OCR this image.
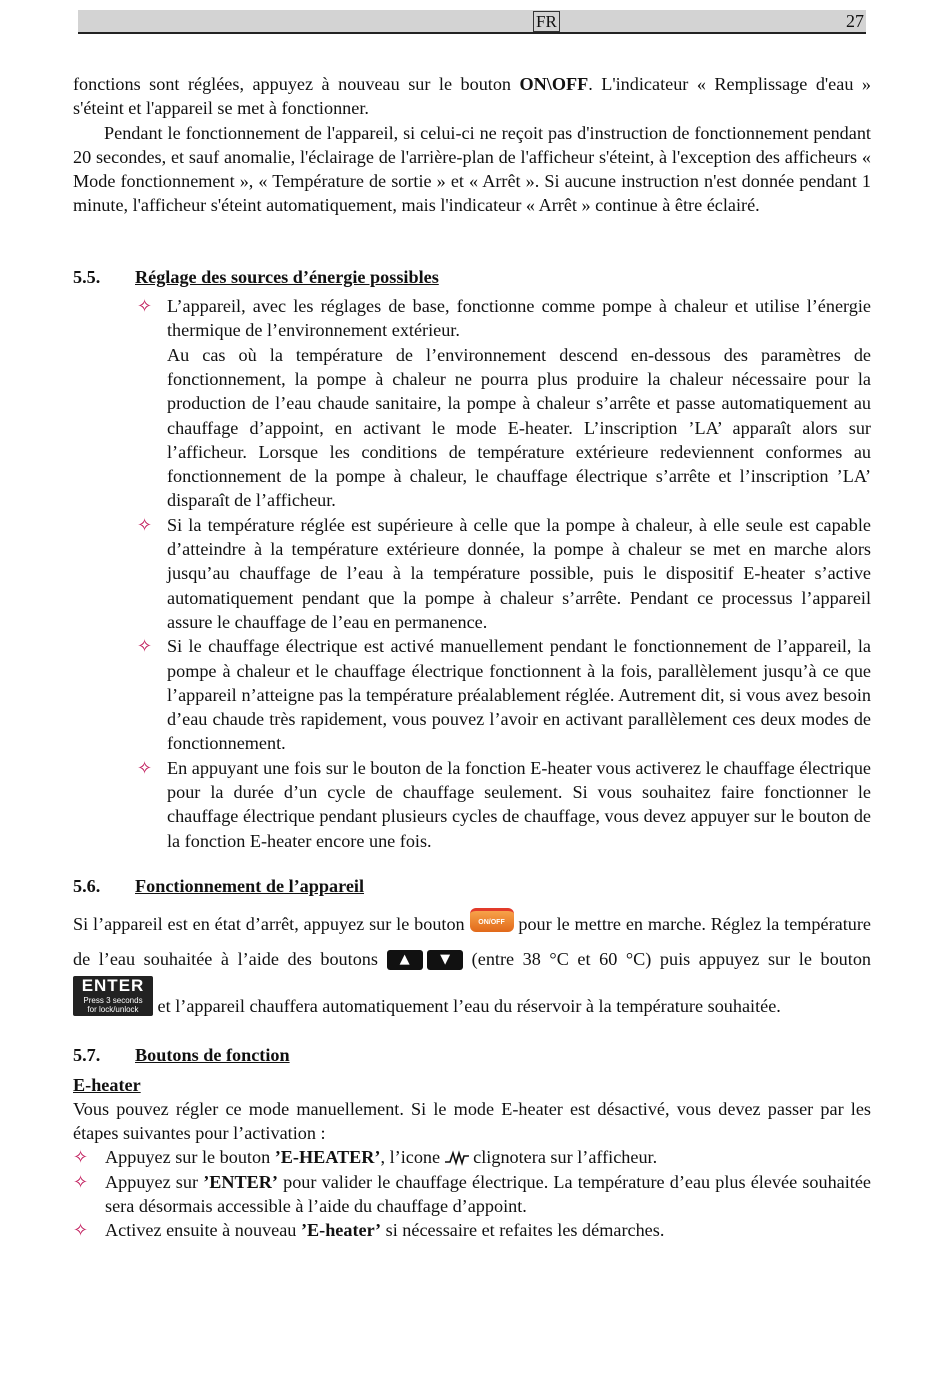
FR	27

fonctions sont réglées, appuyez à nouveau sur le bouton ON\OFF. L'indicateur « Remplissage d'eau » s'éteint et l'appareil se met à fonctionner.

Pendant le fonctionnement de l'appareil, si celui-ci ne reçoit pas d'instruction de fonctionnement pendant 20 secondes, et sauf anomalie, l'éclairage de l'arrière-plan de l'afficheur s'éteint, à l'exception des afficheurs « Mode fonctionnement », « Température de sortie » et « Arrêt ». Si aucune instruction n'est donnée pendant 1 minute, l'afficheur s'éteint automatiquement, mais l'indicateur « Arrêt » continue à être éclairé.

5.5.	Réglage des sources d’énergie possibles
✧ L’appareil, avec les réglages de base, fonctionne comme pompe à chaleur et utilise l’énergie thermique de l’environnement extérieur.
Au cas où la température de l’environnement descend en-dessous des paramètres de fonctionnement, la pompe à chaleur ne pourra plus produire la chaleur nécessaire pour la production de l’eau chaude sanitaire, la pompe à chaleur s’arrête et passe automatiquement au chauffage d’appoint, en activant le mode E-heater. L’inscription ’LA’ apparaît alors sur l’afficheur. Lorsque les conditions de température extérieure redeviennent conformes au fonctionnement de la pompe à chaleur, le chauffage électrique s’arrête et l’inscription ’LA’ disparaît de l’afficheur.
✧ Si la température réglée est supérieure à celle que la pompe à chaleur, à elle seule est capable d’atteindre à la température extérieure donnée, la pompe à chaleur se met en marche alors jusqu’au chauffage de l’eau à la température possible, puis le dispositif E-heater s’active automatiquement pendant que la pompe à chaleur s’arrête. Pendant ce processus l’appareil assure le chauffage de l’eau en permanence.
✧ Si le chauffage électrique est activé manuellement pendant le fonctionnement de l’appareil, la pompe à chaleur et le chauffage électrique fonctionnent à la fois, parallèlement jusqu’à ce que l’appareil n’atteigne pas la température préalablement réglée. Autrement dit, si vous avez besoin d’eau chaude très rapidement, vous pouvez l’avoir en activant parallèlement ces deux modes de fonctionnement.
✧ En appuyant une fois sur le bouton de la fonction E-heater vous activerez le chauffage électrique pour la durée d’un cycle de chauffage seulement. Si vous souhaitez faire fonctionner le chauffage électrique pendant plusieurs cycles de chauffage, vous devez appuyer sur le bouton de la fonction E-heater encore une fois.
5.6.	Fonctionnement de l’appareil

Si l’appareil est en état d’arrêt, appuyez sur le bouton ON/OFF pour le mettre en marche. Réglez la température de l’eau souhaitée à l’aide des boutons ▲ ▼ (entre 38 °C et 60 °C) puis appuyez sur le bouton
ENTER
Press 3 seconds
for lock/unlock et l’appareil chauffera automatiquement l’eau du réservoir à la température souhaitée.

5.7.	Boutons de fonction
E-heater

Vous pouvez régler ce mode manuellement. Si le mode E-heater est désactivé, vous devez passer par les étapes suivantes pour l’activation :

✧ Appuyez sur le bouton ’E-HEATER’, l’icone  clignotera sur l’afficheur.
✧ Appuyez sur ’ENTER’ pour valider le chauffage électrique. La température d’eau plus élevée souhaitée sera désormais accessible à l’aide du chauffage d’appoint.
✧ Activez ensuite à nouveau ’E-heater’ si nécessaire et refaites les démarches.
